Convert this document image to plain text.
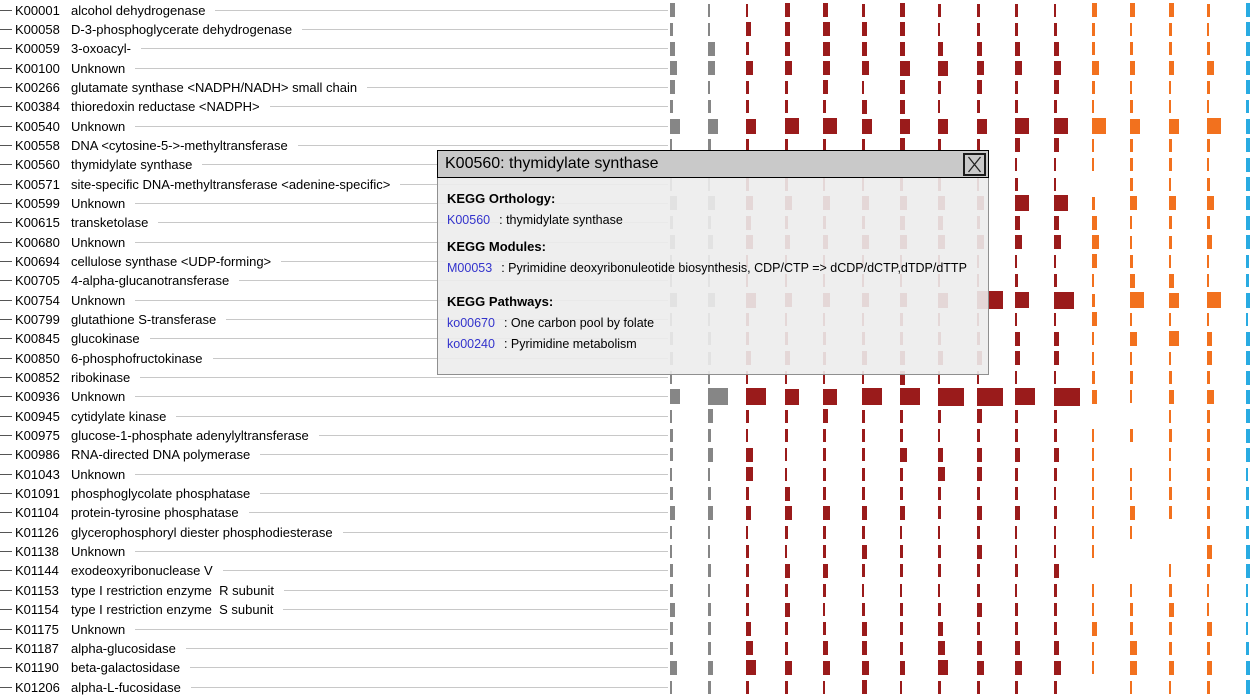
K00001 alcohol dehydrogenase
K00058 D-3-phosphoglycerate dehydrogenase
K00059 3-oxoacyl-
K00100 Unknown
K00266 glutamate synthase <NADPH/NADH> small chain
K00384 thioredoxin reductase <NADPH>
K00540 Unknown
K00558 DNA <cytosine-5->-methyltransferase
K00560 thymidylate synthase
K00571 site-specific DNA-methyltransferase <adenine-specific>
K00599 Unknown
K00615 transketolase
K00680 Unknown
K00694 cellulose synthase <UDP-forming>
K00705 4-alpha-glucanotransferase
K00754 Unknown
K00799 glutathione S-transferase
K00845 glucokinase
K00850 6-phosphofructokinase
K00852 ribokinase
K00936 Unknown
K00945 cytidylate kinase
K00975 glucose-1-phosphate adenylyltransferase
K00986 RNA-directed DNA polymerase
K01043 Unknown
K01091 phosphoglycolate phosphatase
K01104 protein-tyrosine phosphatase
K01126 glycerophosphoryl diester phosphodiesterase
K01138 Unknown
K01144 exodeoxyribonuclease V
K01153 type I restriction enzyme  R subunit
K01154 type I restriction enzyme  S subunit
K01175 Unknown
K01187 alpha-glucosidase
K01190 beta-galactosidase
K01206 alpha-L-fucosidase
K00560: thymidylate synthase
KEGG Orthology:
K00560 : thymidylate synthase
KEGG Modules:
M00053 : Pyrimidine deoxyribonuleotide biosynthesis, CDP/CTP => dCDP/dCTP,dTDP/dTTP
KEGG Pathways:
ko00670 : One carbon pool by folate
ko00240 : Pyrimidine metabolism
